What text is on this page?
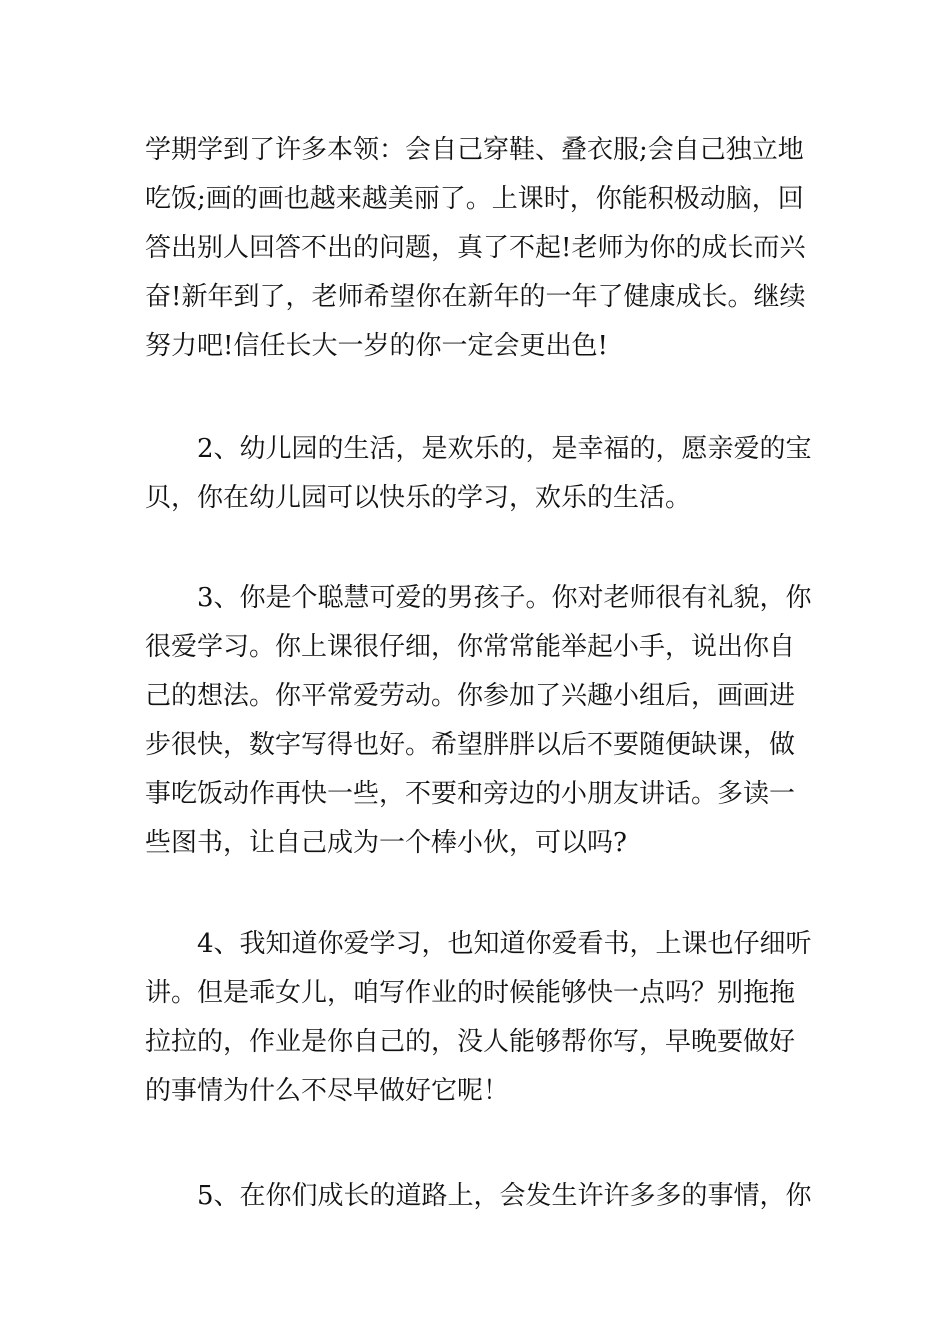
学期学到了许多本领：会自己穿鞋、叠衣服;会自己独立地
吃饭;画的画也越来越美丽了。上课时，你能积极动脑，回
答出别人回答不出的问题，真了不起!老师为你的成长而兴
奋!新年到了，老师希望你在新年的一年了健康成长。继续
努力吧!信任长大一岁的你一定会更出色!
　　2、幼儿园的生活，是欢乐的，是幸福的，愿亲爱的宝
贝，你在幼儿园可以快乐的学习，欢乐的生活。
　　3、你是个聪慧可爱的男孩子。你对老师很有礼貌，你
很爱学习。你上课很仔细，你常常能举起小手，说出你自
己的想法。你平常爱劳动。你参加了兴趣小组后，画画进
步很快，数字写得也好。希望胖胖以后不要随便缺课，做
事吃饭动作再快一些，不要和旁边的小朋友讲话。多读一
些图书，让自己成为一个棒小伙，可以吗?
　　4、我知道你爱学习，也知道你爱看书，上课也仔细听
讲。但是乖女儿，咱写作业的时候能够快一点吗？别拖拖
拉拉的，作业是你自己的，没人能够帮你写，早晚要做好
的事情为什么不尽早做好它呢！
　　5、在你们成长的道路上，会发生许许多多的事情，你
